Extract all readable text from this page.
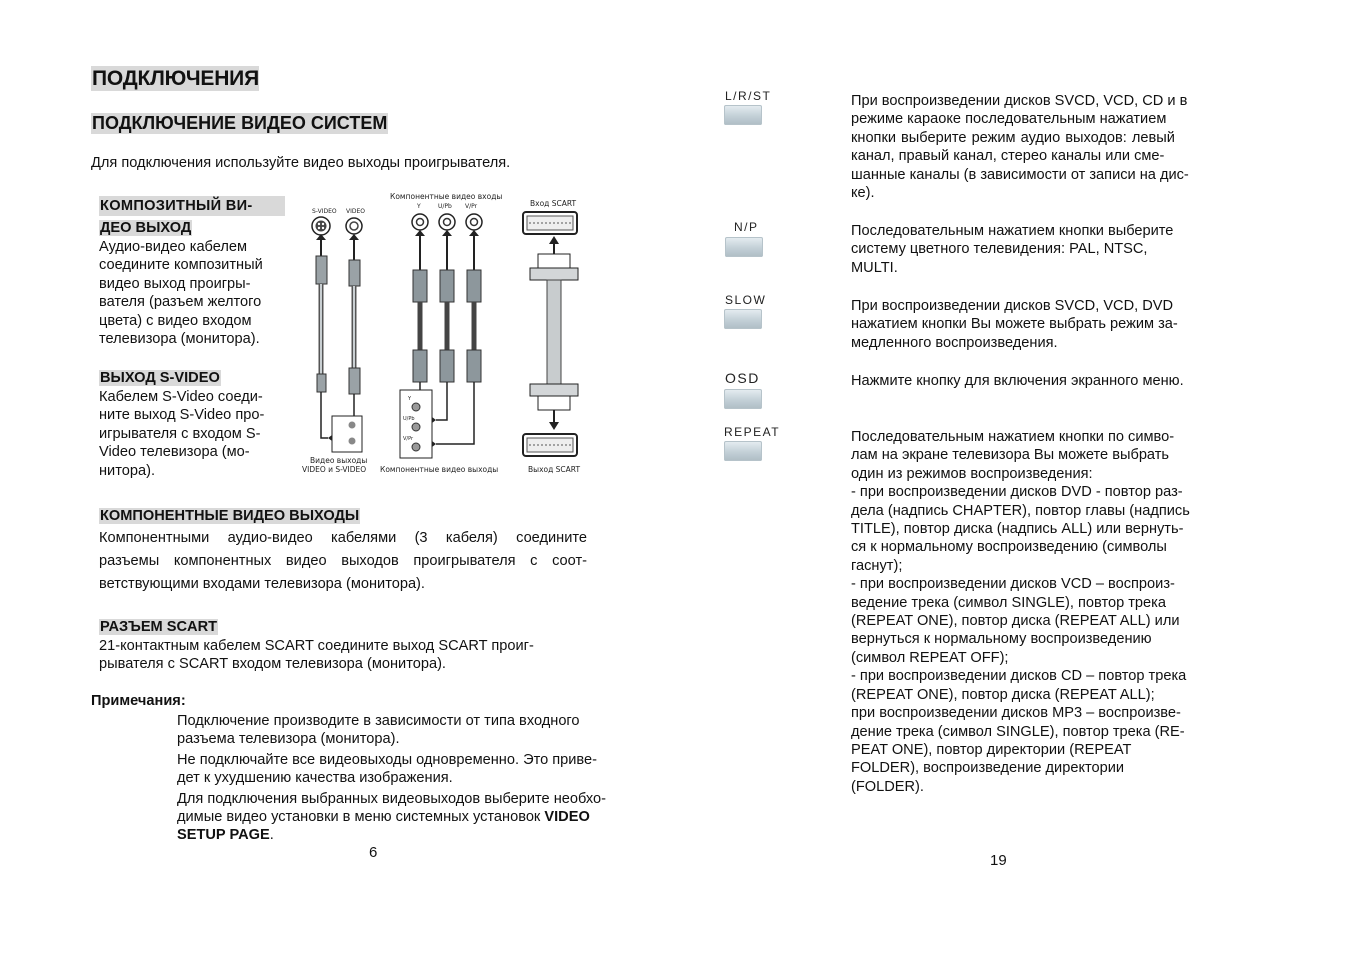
ПОДКЛЮЧЕНИЯ
ПОДКЛЮЧЕНИЕ ВИДЕО СИСТЕМ
Для подключения используйте видео выходы проигрывателя.
КОМПОЗИТНЫЙ ВИ-
ДЕО ВЫХОД
Аудио-видео кабелем
соедините композитный
видео выход проигры-
вателя (разъем желтого
цвета) с видео входом
телевизора (монитора).
ВЫХОД S-VIDEO
Кабелем S-Video соеди-
ните выход S-Video про-
игрывателя с входом S-
Video телевизора (мо-
нитора).
S-VIDEO VIDEO
Компонентные видео входы
Y	U/Pb V/Pr	Вход SCART
Y
U/Pb
V/Pr
Видео выходы
VIDEO и S-VIDEO Компонентные видео выходы	Выход SCART
КОМПОНЕНТНЫЕ ВИДЕО ВЫХОДЫ
Компонентными аудио-видео кабелями (3 кабеля) соедините
разъемы компонентных видео выходов проигрывателя с соот-
ветствующими входами телевизора (монитора).
РАЗЪЕМ SCART
21-контактным кабелем SCART соедините выход SCART проиг-
рывателя с SCART входом телевизора (монитора).
Примечания:
Подключение производите в зависимости от типа входного
разъема телевизора (монитора).
Не подключайте все видеовыходы одновременно. Это приве-
дет к ухудшению качества изображения.
Для подключения выбранных видеовыходов выберите необхо-
димые видео установки в меню системных установок VIDEO
SETUP PAGE.
6
L/R/ST	При воспроизведении дисков SVCD, VCD, CD и в
режиме караоке последовательным нажатием
кнопки выберите режим аудио выходов: левый
канал, правый канал, стерео каналы или сме-
шанные каналы (в зависимости от записи на дис-
ке).
N/P	Последовательным нажатием кнопки выберите
систему цветного телевидения: PAL, NTSC,
MULTI.
SLOW	При воспроизведении дисков SVCD, VCD, DVD
нажатием кнопки Вы можете выбрать режим за-
медленного воспроизведения.
OSD	Нажмите кнопку для включения экранного меню.
REPEAT	Последовательным нажатием кнопки по симво-
лам на экране телевизора Вы можете выбрать
один из режимов воспроизведения:
- при воспроизведении дисков DVD - повтор раз-
дела (надпись CHAPTER), повтор главы (надпись
TITLE), повтор диска (надпись ALL) или вернуть-
ся к нормальному воспроизведению (символы
гаснут);
- при воспроизведении дисков VCD – воспроиз-
ведение трека (символ SINGLE), повтор трека
(REPEAT ONE), повтор диска (REPEAT ALL) или
вернуться к нормальному воспроизведению
(символ REPEAT OFF);
- при воспроизведении дисков CD – повтор трека
(REPEAT ONE), повтор диска (REPEAT ALL);
при воспроизведении дисков MP3 – воспроизве-
дение трека (символ SINGLE), повтор трека (RE-
PEAT ONE), повтор директории (REPEAT
FOLDER), воспроизведение директории
(FOLDER).
19
